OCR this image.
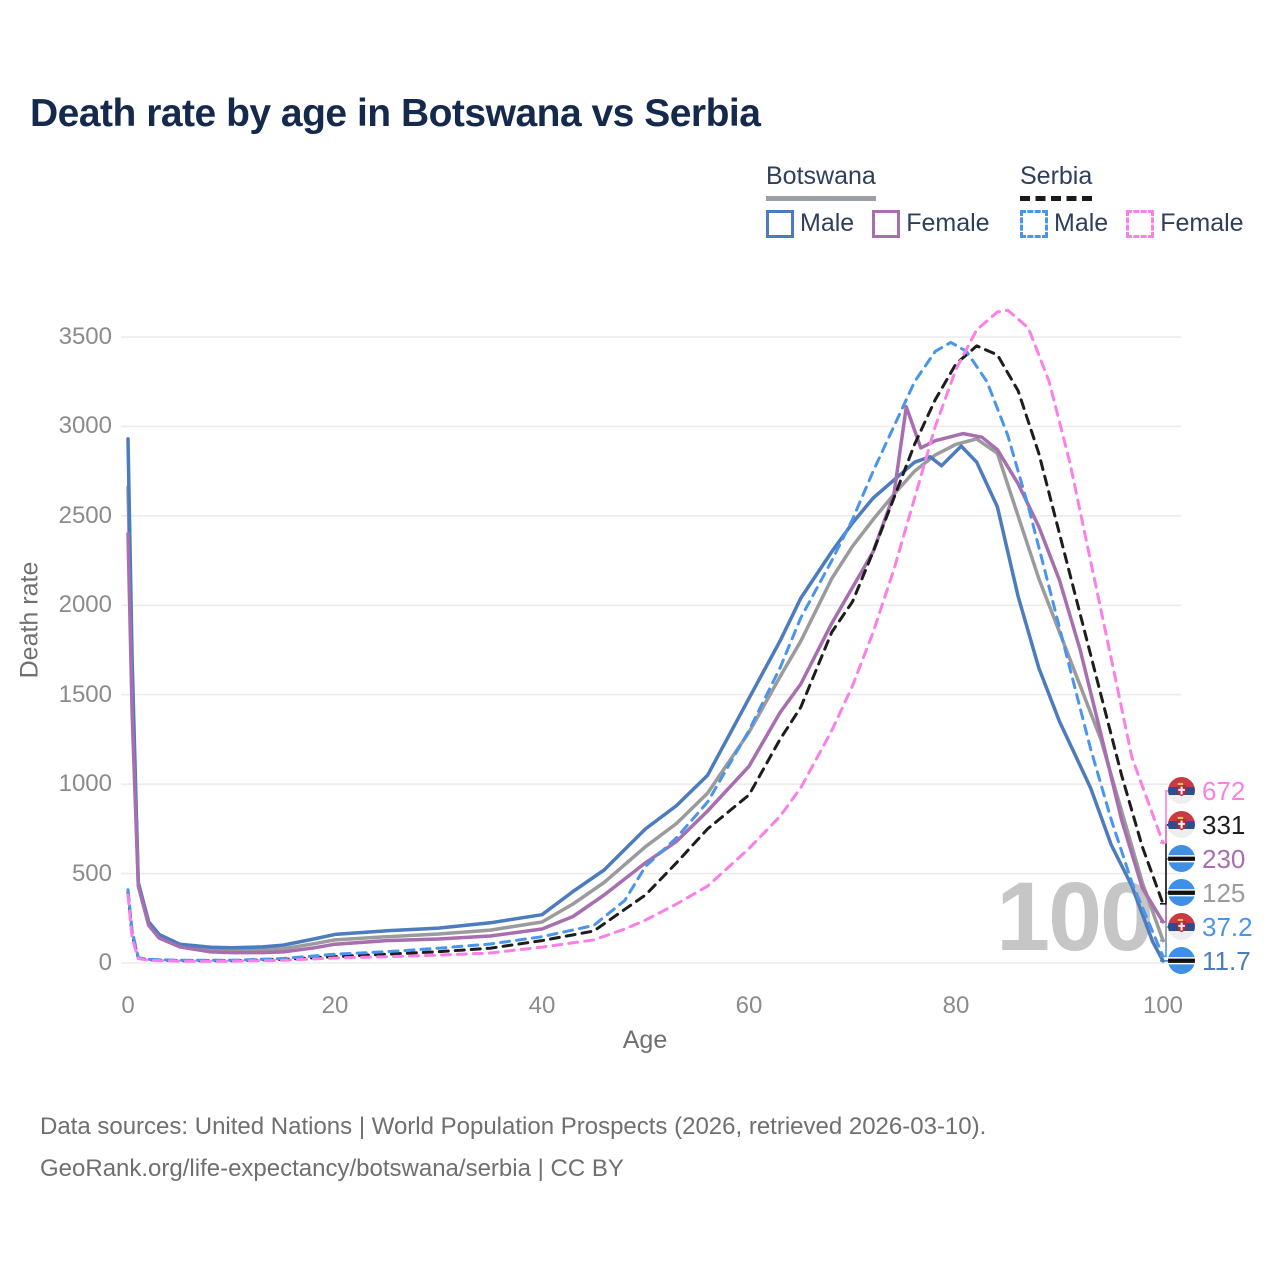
Death rate by age in Botswana vs Serbia
Botswana
Male Female
Serbia
Male Female
100
0
500
1000
1500
2000
2500
3000
3500
0	20	40	60	80	100
Death rate
Age
11.7
37.2
125
230
331
672
Data sources: United Nations | World Population Prospects (2026, retrieved 2026-03-10).
GeoRank.org/life-expectancy/botswana/serbia | CC BY
